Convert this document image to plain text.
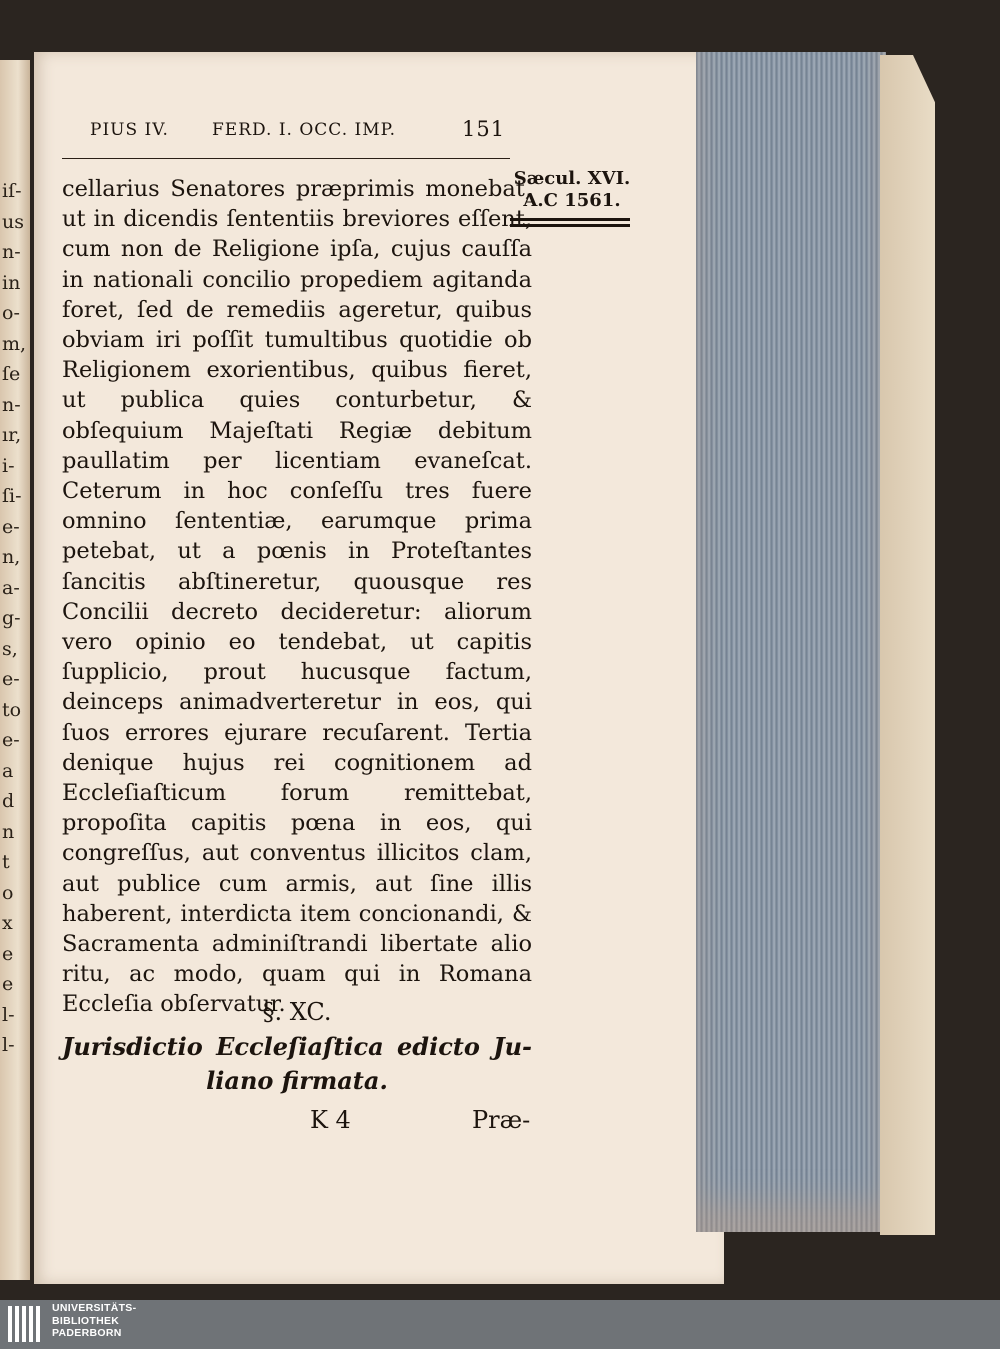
iſ-
us
n-
in
o-
m,
ſe
n-
ır,
i-
ſi-
e-
n,
a-
g-
s,
e-
to
e-
a
d
n
t
o
x
e
e
l-
l-
PIUS IV.	FERD. I. OCC. IMP.	151
Sæcul. XVI.
A.C 1561.

cellarius Senatores præprimis monebat, ut in dicendis ſententiis breviores eſſent, cum non de Religione ipſa, cujus cauſſa in nationali concilio propediem agitanda foret, ſed de remediis ageretur, quibus obviam iri poſſit tumultibus quotidie ob Religionem exorientibus, quibus fieret, ut publica quies conturbetur, & obſequium Majeſtati Regiæ debitum paullatim per licentiam evaneſcat. Ceterum in hoc conſeſſu tres fuere omnino ſententiæ, earumque prima petebat, ut a pœnis in Proteſtantes ſancitis abſtineretur, quousque res Concilii decreto decideretur: aliorum vero opinio eo tendebat, ut capitis ſupplicio, prout hucusque factum, deinceps animadverteretur in eos, qui ſuos errores ejurare recuſarent. Tertia denique hujus rei cognitionem ad Eccleſiaſticum forum remittebat, propoſita capitis pœna in eos, qui congreſſus, aut conventus illicitos clam, aut publice cum armis, aut ſine illis haberent, interdicta item concionandi, & Sacramenta adminiſtrandi libertate alio ritu, ac modo, quam qui in Romana Eccleſia obſervatur.

§. XC.
Jurisdictio Eccleſiaſtica edicto Ju-
liano firmata.
K 4	Præ-
UNIVERSITÄTS-
BIBLIOTHEK
PADERBORN
